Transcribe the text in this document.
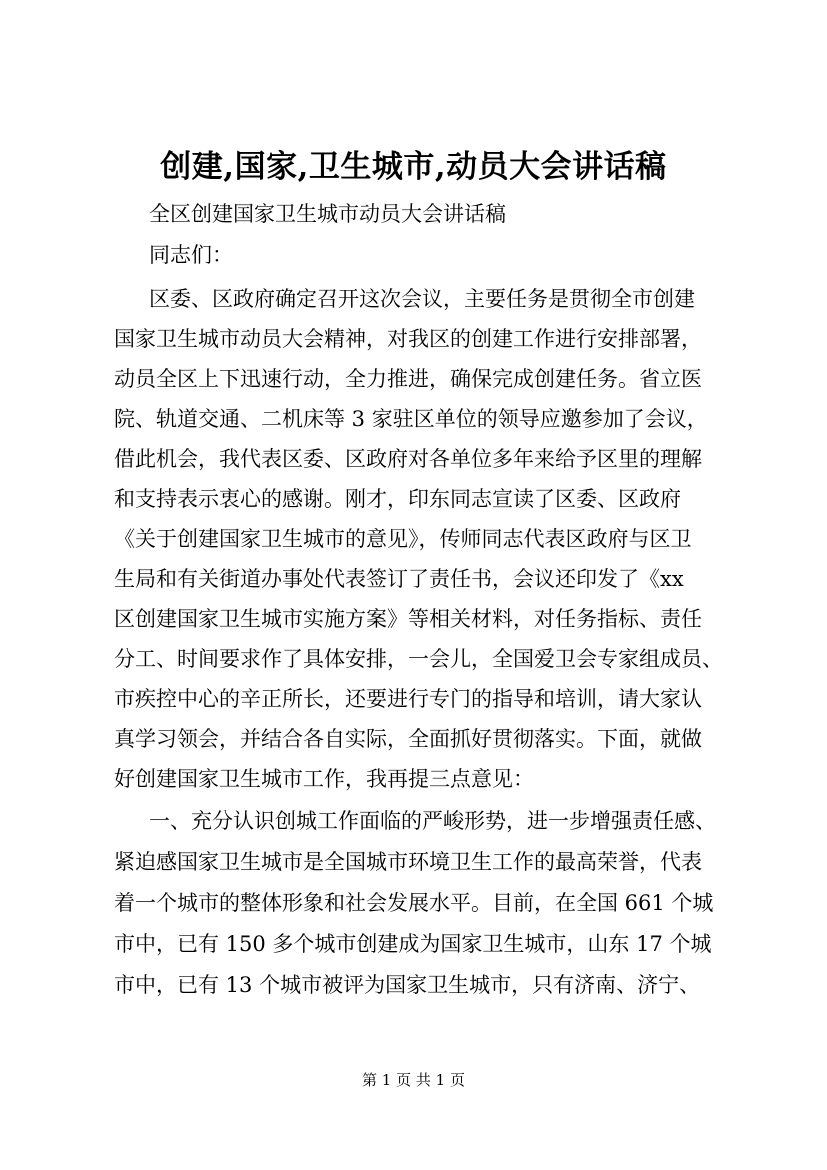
创建,国家,卫生城市,动员大会讲话稿
全区创建国家卫生城市动员大会讲话稿
同志们：
区委、区政府确定召开这次会议，主要任务是贯彻全市创建
国家卫生城市动员大会精神，对我区的创建工作进行安排部署，
动员全区上下迅速行动，全力推进，确保完成创建任务。省立医
院、轨道交通、二机床等 3 家驻区单位的领导应邀参加了会议，
借此机会，我代表区委、区政府对各单位多年来给予区里的理解
和支持表示衷心的感谢。刚才，印东同志宣读了区委、区政府
《关于创建国家卫生城市的意见》，传师同志代表区政府与区卫
生局和有关街道办事处代表签订了责任书，会议还印发了《xx
区创建国家卫生城市实施方案》等相关材料，对任务指标、责任
分工、时间要求作了具体安排，一会儿，全国爱卫会专家组成员、
市疾控中心的辛正所长，还要进行专门的指导和培训，请大家认
真学习领会，并结合各自实际，全面抓好贯彻落实。下面，就做
好创建国家卫生城市工作，我再提三点意见：
一、充分认识创城工作面临的严峻形势，进一步增强责任感、
紧迫感国家卫生城市是全国城市环境卫生工作的最高荣誉，代表
着一个城市的整体形象和社会发展水平。目前，在全国 661 个城
市中，已有 150 多个城市创建成为国家卫生城市，山东 17 个城
市中，已有 13 个城市被评为国家卫生城市，只有济南、济宁、
第 1 页 共 1 页
